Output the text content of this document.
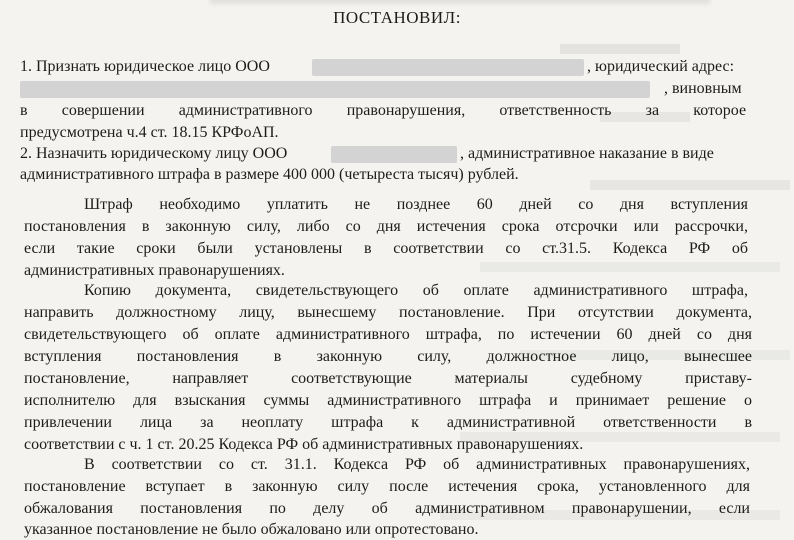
ПОСТАНОВИЛ:
1. Признать юридическое лицо ООО	, юридический адрес:
, виновным
в совершении административного правонарушения, ответственность за которое
предусмотрена ч.4 ст. 18.15 КРФоАП.
2. Назначить юридическому лицу ООО	, административное наказание в виде
административного штрафа в размере 400 000 (четыреста тысяч) рублей.
Штраф необходимо уплатить не позднее 60 дней со дня вступления
постановления в законную силу, либо со дня истечения срока отсрочки или рассрочки,
если такие сроки были установлены в соответствии со ст.31.5. Кодекса РФ об
административных правонарушениях.
Копию документа, свидетельствующего об оплате административного штрафа,
направить должностному лицу, вынесшему постановление. При отсутствии документа,
свидетельствующего об оплате административного штрафа, по истечении 60 дней со дня
вступления постановления в законную силу, должностное лицо, вынесшее
постановление, направляет соответствующие материалы судебному приставу-
исполнителю для взыскания суммы административного штрафа и принимает решение о
привлечении лица за неоплату штрафа к административной ответственности в
соответствии с ч. 1 ст. 20.25 Кодекса РФ об административных правонарушениях.
В соответствии со ст. 31.1. Кодекса РФ об административных правонарушениях,
постановление вступает в законную силу после истечения срока, установленного для
обжалования постановления по делу об административном правонарушении, если
указанное постановление не было обжаловано или опротестовано.
